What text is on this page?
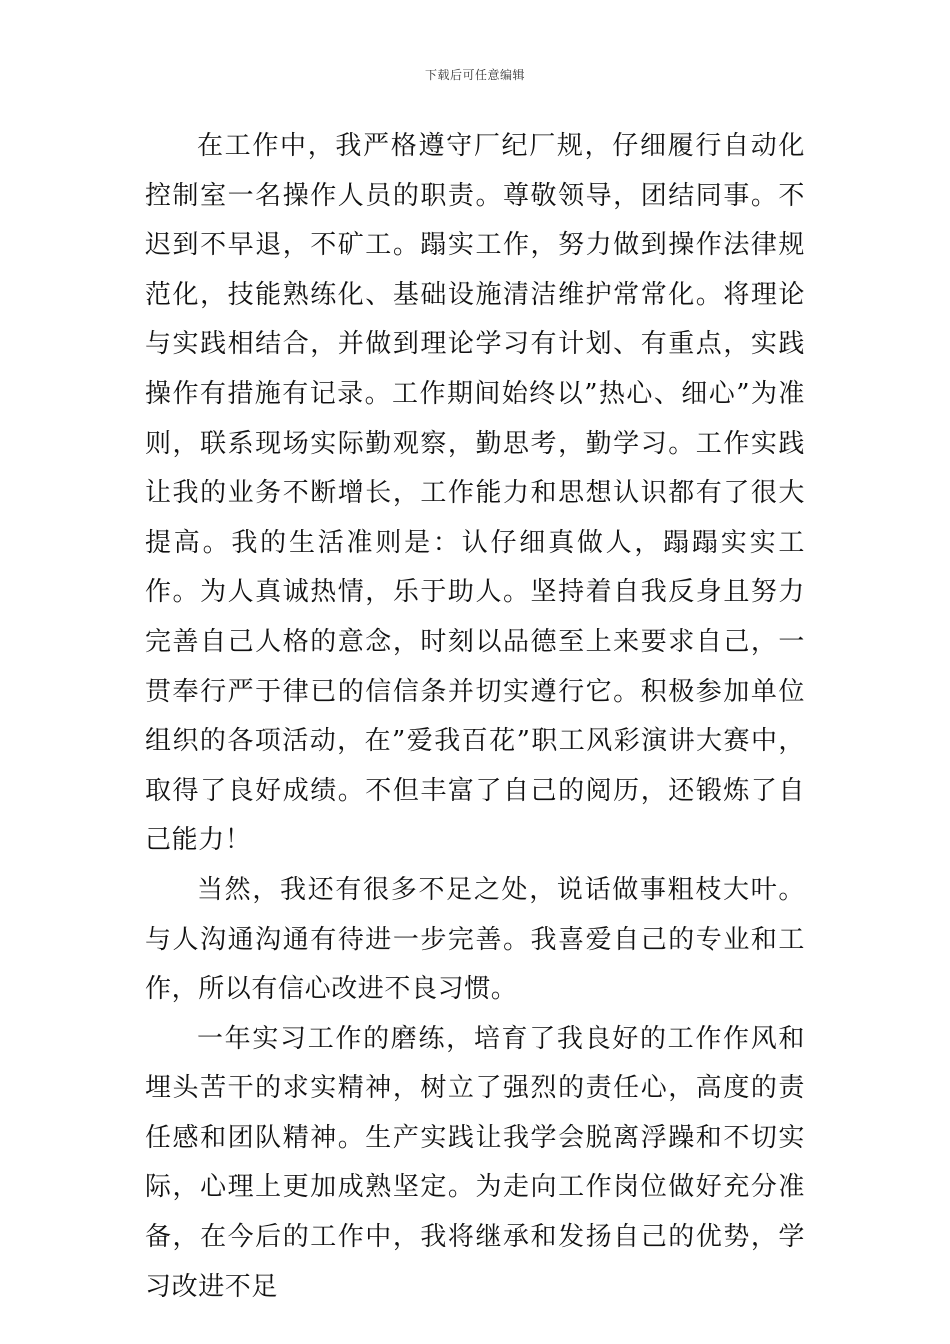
下载后可任意编辑

在工作中，我严格遵守厂纪厂规，仔细履行自动化控制室一名操作人员的职责。尊敬领导，团结同事。不迟到不早退，不矿工。蹋实工作，努力做到操作法律规范化，技能熟练化、基础设施清洁维护常常化。将理论与实践相结合，并做到理论学习有计划、有重点，实践操作有措施有记录。工作期间始终以”热心、细心”为准则，联系现场实际勤观察，勤思考，勤学习。工作实践让我的业务不断增长，工作能力和思想认识都有了很大提高。我的生活准则是：认仔细真做人，蹋蹋实实工作。为人真诚热情，乐于助人。坚持着自我反身且努力完善自己人格的意念，时刻以品德至上来要求自己，一贯奉行严于律已的信信条并切实遵行它。积极参加单位组织的各项活动，在”爱我百花”职工风彩演讲大赛中，取得了良好成绩。不但丰富了自己的阅历，还锻炼了自己能力！

当然，我还有很多不足之处，说话做事粗枝大叶。与人沟通沟通有待进一步完善。我喜爱自己的专业和工作，所以有信心改进不良习惯。

一年实习工作的磨练，培育了我良好的工作作风和埋头苦干的求实精神，树立了强烈的责任心，高度的责任感和团队精神。生产实践让我学会脱离浮躁和不切实际，心理上更加成熟坚定。为走向工作岗位做好充分准备，在今后的工作中，我将继承和发扬自己的优势，学习改进不足
